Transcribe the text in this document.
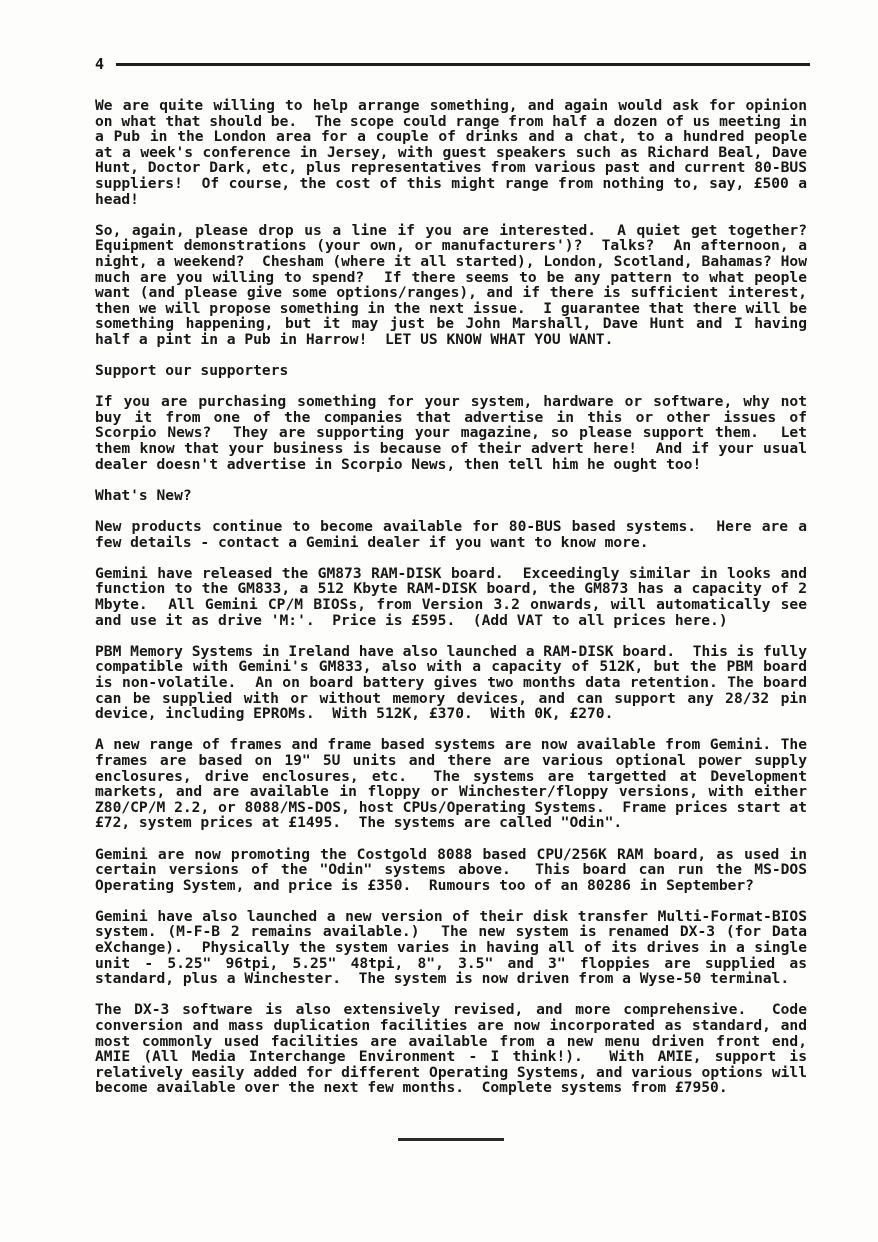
4

We are quite willing to help arrange something, and again would ask for opinion on what that should be.  The scope could range from half a dozen of us meeting in a Pub in the London area for a couple of drinks and a chat, to a hundred people at a week's conference in Jersey, with guest speakers such as Richard Beal, Dave Hunt, Doctor Dark, etc, plus representatives from various past and current 80-BUS suppliers!  Of course, the cost of this might range from nothing to, say, £500 a head!

So, again, please drop us a line if you are interested.  A quiet get together? Equipment demonstrations (your own, or manufacturers')?  Talks?  An afternoon, a night, a weekend?  Chesham (where it all started), London, Scotland, Bahamas? How much are you willing to spend?  If there seems to be any pattern to what people want (and please give some options/ranges), and if there is sufficient interest, then we will propose something in the next issue.  I guarantee that there will be something happening, but it may just be John Marshall, Dave Hunt and I having half a pint in a Pub in Harrow!  LET US KNOW WHAT YOU WANT.

Support our supporters

If you are purchasing something for your system, hardware or software, why not buy it from one of the companies that advertise in this or other issues of Scorpio News?  They are supporting your magazine, so please support them.  Let them know that your business is because of their advert here!  And if your usual dealer doesn't advertise in Scorpio News, then tell him he ought too!

What's New?

New products continue to become available for 80-BUS based systems.  Here are a few details - contact a Gemini dealer if you want to know more.

Gemini have released the GM873 RAM-DISK board.  Exceedingly similar in looks and function to the GM833, a 512 Kbyte RAM-DISK board, the GM873 has a capacity of 2 Mbyte.  All Gemini CP/M BIOSs, from Version 3.2 onwards, will automatically see and use it as drive 'M:'.  Price is £595.  (Add VAT to all prices here.)

PBM Memory Systems in Ireland have also launched a RAM-DISK board.  This is fully compatible with Gemini's GM833, also with a capacity of 512K, but the PBM board is non-volatile.  An on board battery gives two months data retention. The board can be supplied with or without memory devices, and can support any 28/32 pin device, including EPROMs.  With 512K, £370.  With 0K, £270.

A new range of frames and frame based systems are now available from Gemini. The frames are based on 19" 5U units and there are various optional power supply enclosures, drive enclosures, etc.  The systems are targetted at Development markets, and are available in floppy or Winchester/floppy versions, with either Z80/CP/M 2.2, or 8088/MS-DOS, host CPUs/Operating Systems.  Frame prices start at £72, system prices at £1495.  The systems are called "Odin".

Gemini are now promoting the Costgold 8088 based CPU/256K RAM board, as used in certain versions of the "Odin" systems above.  This board can run the MS-DOS Operating System, and price is £350.  Rumours too of an 80286 in September?

Gemini have also launched a new version of their disk transfer Multi-Format-BIOS system. (M-F-B 2 remains available.)  The new system is renamed DX-3 (for Data eXchange).  Physically the system varies in having all of its drives in a single unit - 5.25" 96tpi, 5.25" 48tpi, 8", 3.5" and 3" floppies are supplied as standard, plus a Winchester.  The system is now driven from a Wyse-50 terminal.

The DX-3 software is also extensively revised, and more comprehensive.  Code conversion and mass duplication facilities are now incorporated as standard, and most commonly used facilities are available from a new menu driven front end, AMIE (All Media Interchange Environment - I think!).  With AMIE, support is relatively easily added for different Operating Systems, and various options will become available over the next few months.  Complete systems from £7950.
